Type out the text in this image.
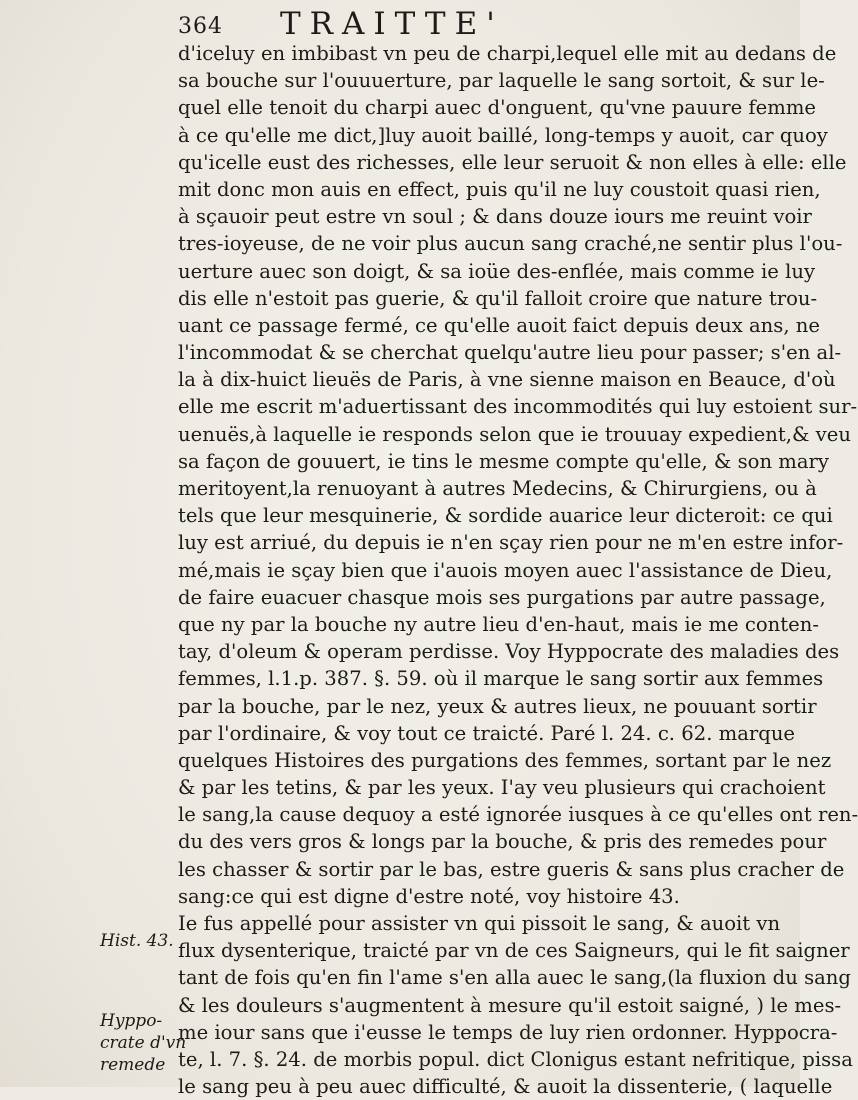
364 TRAITTE'
Hist. 43.
Hyppo-
crate d'vn
remede
d'iceluy en imbibast vn peu de charpi,lequel elle mit au dedans de
sa bouche sur l'ouuuerture, par laquelle le sang sortoit, & sur le-
quel elle tenoit du charpi auec d'onguent, qu'vne pauure femme
à ce qu'elle me dict,]luy auoit baillé, long-temps y auoit, car quoy
qu'icelle eust des richesses, elle leur seruoit & non elles à elle: elle
mit donc mon auis en effect, puis qu'il ne luy coustoit quasi rien,
à sçauoir peut estre vn soul ; & dans douze iours me reuint voir
tres-ioyeuse, de ne voir plus aucun sang craché,ne sentir plus l'ou-
uerture auec son doigt, & sa ioüe des-enflée, mais comme ie luy
dis elle n'estoit pas guerie, & qu'il falloit croire que nature trou-
uant ce passage fermé, ce qu'elle auoit faict depuis deux ans, ne
l'incommodat & se cherchat quelqu'autre lieu pour passer; s'en al-
la à dix-huict lieuës de Paris, à vne sienne maison en Beauce, d'où
elle me escrit m'aduertissant des incommodités qui luy estoient sur-
uenuës,à laquelle ie responds selon que ie trouuay expedient,& veu
sa façon de gouuert, ie tins le mesme compte qu'elle, & son mary
meritoyent,la renuoyant à autres Medecins, & Chirurgiens, ou à
tels que leur mesquinerie, & sordide auarice leur dicteroit: ce qui
luy est arriué, du depuis ie n'en sçay rien pour ne m'en estre infor-
mé,mais ie sçay bien que i'auois moyen auec l'assistance de Dieu,
de faire euacuer chasque mois ses purgations par autre passage,
que ny par la bouche ny autre lieu d'en-haut, mais ie me conten-
tay, d'oleum & operam perdisse. Voy Hyppocrate des maladies des
femmes, l.1.p. 387. §. 59. où il marque le sang sortir aux femmes
par la bouche, par le nez, yeux & autres lieux, ne pouuant sortir
par l'ordinaire, & voy tout ce traicté. Paré l. 24. c. 62. marque
quelques Histoires des purgations des femmes, sortant par le nez
& par les tetins, & par les yeux. I'ay veu plusieurs qui crachoient
le sang,la cause dequoy a esté ignorée iusques à ce qu'elles ont ren-
du des vers gros & longs par la bouche, & pris des remedes pour
les chasser & sortir par le bas, estre gueris & sans plus cracher de
sang:ce qui est digne d'estre noté, voy histoire 43.
Ie fus appellé pour assister vn qui pissoit le sang, & auoit vn
flux dysenterique, traicté par vn de ces Saigneurs, qui le fit saigner
tant de fois qu'en fin l'ame s'en alla auec le sang,(la fluxion du sang
& les douleurs s'augmentent à mesure qu'il estoit saigné, ) le mes-
me iour sans que i'eusse le temps de luy rien ordonner. Hyppocra-
te, l. 7. §. 24. de morbis popul. dict Clonigus estant nefritique, pissa
le sang peu à peu auec difficulté, & auoit la dissenterie, ( laquelle
